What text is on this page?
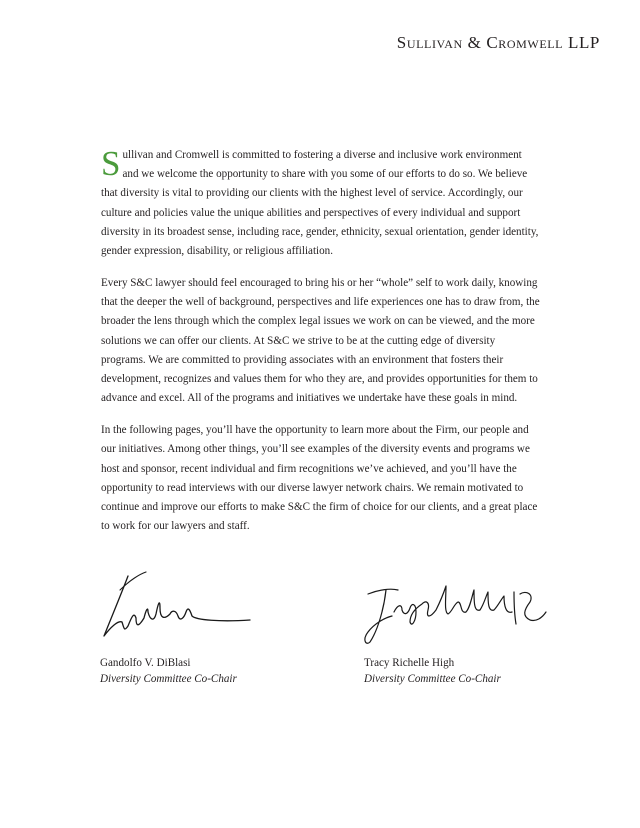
Sullivan & Cromwell LLP

Sullivan and Cromwell is committed to fostering a diverse and inclusive work environment and we welcome the opportunity to share with you some of our efforts to do so. We believe that diversity is vital to providing our clients with the highest level of service. Accordingly, our culture and policies value the unique abilities and perspectives of every individual and support diversity in its broadest sense, including race, gender, ethnicity, sexual orientation, gender identity, gender expression, disability, or religious affiliation.

Every S&C lawyer should feel encouraged to bring his or her “whole” self to work daily, knowing that the deeper the well of background, perspectives and life experiences one has to draw from, the broader the lens through which the complex legal issues we work on can be viewed, and the more solutions we can offer our clients. At S&C we strive to be at the cutting edge of diversity programs. We are committed to providing associates with an environment that fosters their development, recognizes and values them for who they are, and provides opportunities for them to advance and excel. All of the programs and initiatives we undertake have these goals in mind.

In the following pages, you’ll have the opportunity to learn more about the Firm, our people and our initiatives. Among other things, you’ll see examples of the diversity events and programs we host and sponsor, recent individual and firm recognitions we’ve achieved, and you’ll have the opportunity to read interviews with our diverse lawyer network chairs. We remain motivated to continue and improve our efforts to make S&C the firm of choice for our clients, and a great place to work for our lawyers and staff.

Gandolfo V. DiBlasi
Diversity Committee Co-Chair
Tracy Richelle High
Diversity Committee Co-Chair
